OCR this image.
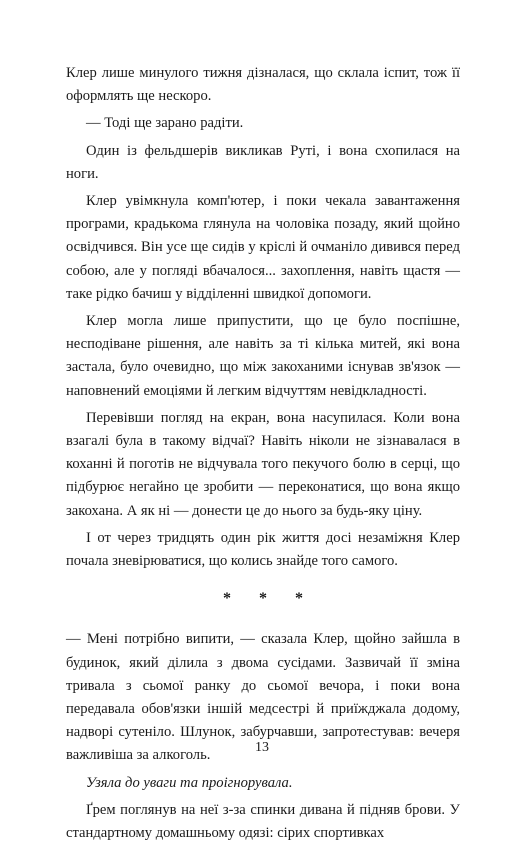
Клер лише минулого тижня дізналася, що склала іспит, тож її оформлять ще нескоро.

— Тоді ще зарано радіти.

Один із фельдшерів викликав Руті, і вона схопилася на ноги.

Клер увімкнула комп'ютер, і поки чекала завантаження програми, крадькома глянула на чоловіка позаду, який щойно освідчився. Він усе ще сидів у кріслі й очманіло дивився перед собою, але у погляді вбачалося... захоплення, навіть щастя — таке рідко бачиш у відділенні швидкої допомоги.

Клер могла лише припустити, що це було поспішне, несподіване рішення, але навіть за ті кілька митей, які вона застала, було очевидно, що між закоханими існував зв'язок — наповнений емоціями й легким відчуттям невідкладності.

Перевівши погляд на екран, вона насупилася. Коли вона взагалі була в такому відчаї? Навіть ніколи не зізнавалася в коханні й поготів не відчувала того пекучого болю в серці, що підбурює негайно це зробити — переконатися, що вона якщо закохана. А як ні — донести це до нього за будь-яку ціну.

І от через тридцять один рік життя досі незаміжня Клер почала зневірюватися, що колись знайде того самого.

* * *

— Мені потрібно випити, — сказала Клер, щойно зайшла в будинок, який ділила з двома сусідами. Зазвичай її зміна тривала з сьомої ранку до сьомої вечора, і поки вона передавала обов'язки іншій медсестрі й приїжджала додому, надворі сутеніло. Шлунок, забурчавши, запротестував: вечеря важливіша за алкоголь.

Узяла до уваги та проігнорувала.

Ґрем поглянув на неї з-за спинки дивана й підняв брови. У стандартному домашньому одязі: сірих спортивках

13
